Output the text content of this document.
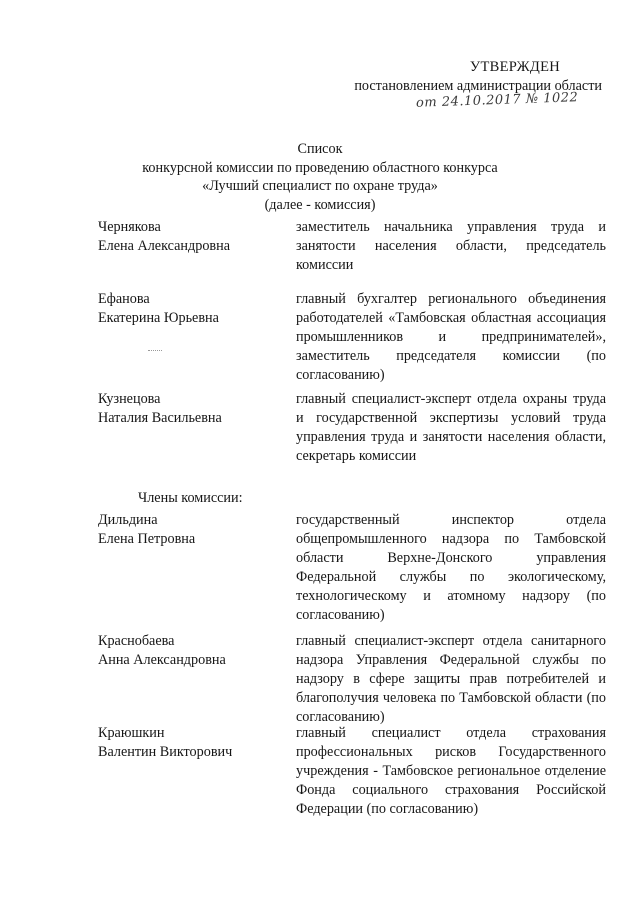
УТВЕРЖДЕН
постановлением администрации области
от 24.10.2017 № 1022
Список
конкурсной комиссии по проведению областного конкурса
«Лучший специалист по охране труда»
(далее - комиссия)
Чернякова
Елена Александровна
заместитель начальника управления труда и занятости населения области, председатель комиссии
Ефанова
Екатерина Юрьевна
главный бухгалтер регионального объединения работодателей «Тамбовская областная ассоциация промышленников и предпринимателей», заместитель председателя комиссии (по согласованию)
Кузнецова
Наталия Васильевна
главный специалист-эксперт отдела охраны труда и государственной экспертизы условий труда управления труда и занятости населения области, секретарь комиссии
Члены комиссии:
Дильдина
Елена Петровна
государственный инспектор отдела общепромышленного надзора по Тамбовской области Верхне-Донского управления Федеральной службы по экологическому, технологическому и атомному надзору (по согласованию)
Краснобаева
Анна Александровна
главный специалист-эксперт отдела санитарного надзора Управления Федеральной службы по надзору в сфере защиты прав потребителей и благополучия человека по Тамбовской области (по согласованию)
Краюшкин
Валентин Викторович
главный специалист отдела страхования профессиональных рисков Государственного учреждения - Тамбовское региональное отделение Фонда социального страхования Российской Федерации (по согласованию)
